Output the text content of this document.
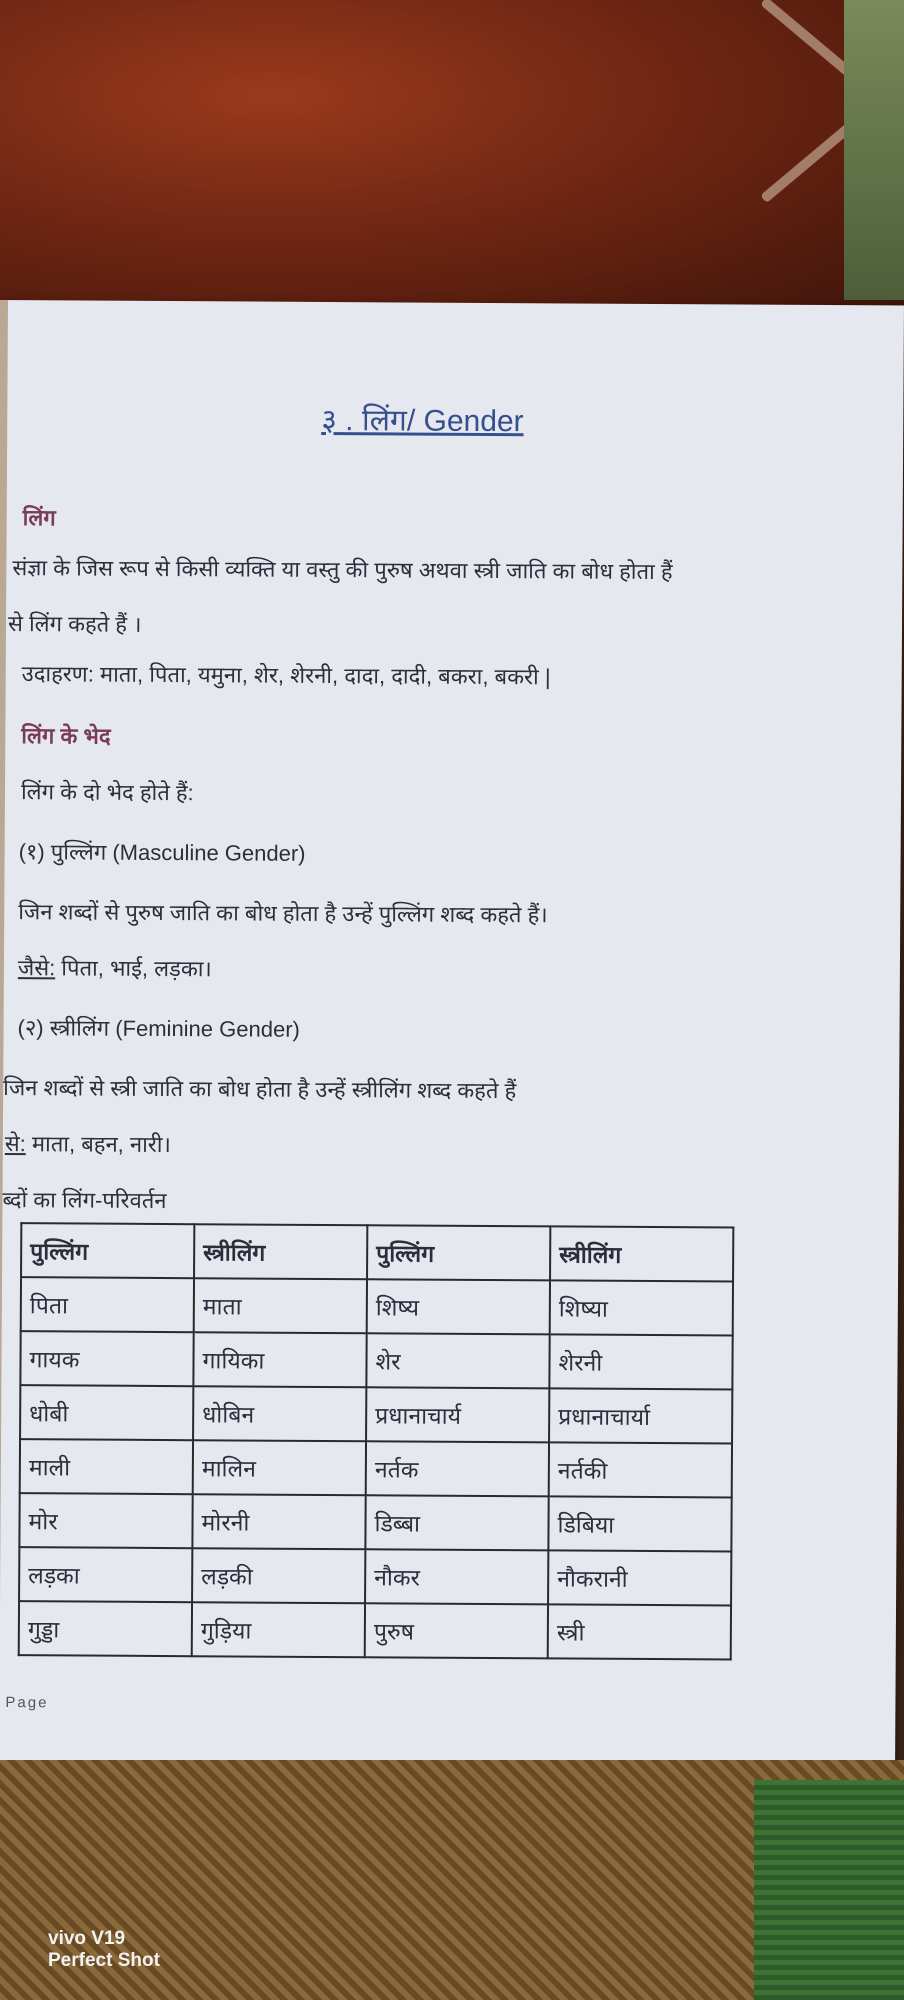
३ . लिंग/ Gender
लिंग
संज्ञा के जिस रूप से किसी व्यक्ति या वस्तु की पुरुष अथवा स्त्री जाति का बोध होता हैं
से लिंग कहते हैं ।
उदाहरण: माता, पिता, यमुना, शेर, शेरनी, दादा, दादी, बकरा, बकरी |
लिंग के भेद
लिंग के दो भेद होते हैं:
(१) पुल्लिंग (Masculine Gender)
जिन शब्दों से पुरुष जाति का बोध होता है उन्हें पुल्लिंग शब्द कहते हैं।
जैसे: पिता, भाई, लड़का।
(२) स्त्रीलिंग (Feminine Gender)
जिन शब्दों से स्त्री जाति का बोध होता है उन्हें स्त्रीलिंग शब्द कहते हैं
से: माता, बहन, नारी।
ब्दों का लिंग-परिवर्तन
पुल्लिंग	स्त्रीलिंग	पुल्लिंग	स्त्रीलिंग
पिता	माता	शिष्य	शिष्या
गायक	गायिका	शेर	शेरनी
धोबी	धोबिन	प्रधानाचार्य	प्रधानाचार्या
माली	मालिन	नर्तक	नर्तकी
मोर	मोरनी	डिब्बा	डिबिया
लड़का	लड़की	नौकर	नौकरानी
गुड्डा	गुड़िया	पुरुष	स्त्री
Page
vivo V19
Perfect Shot
